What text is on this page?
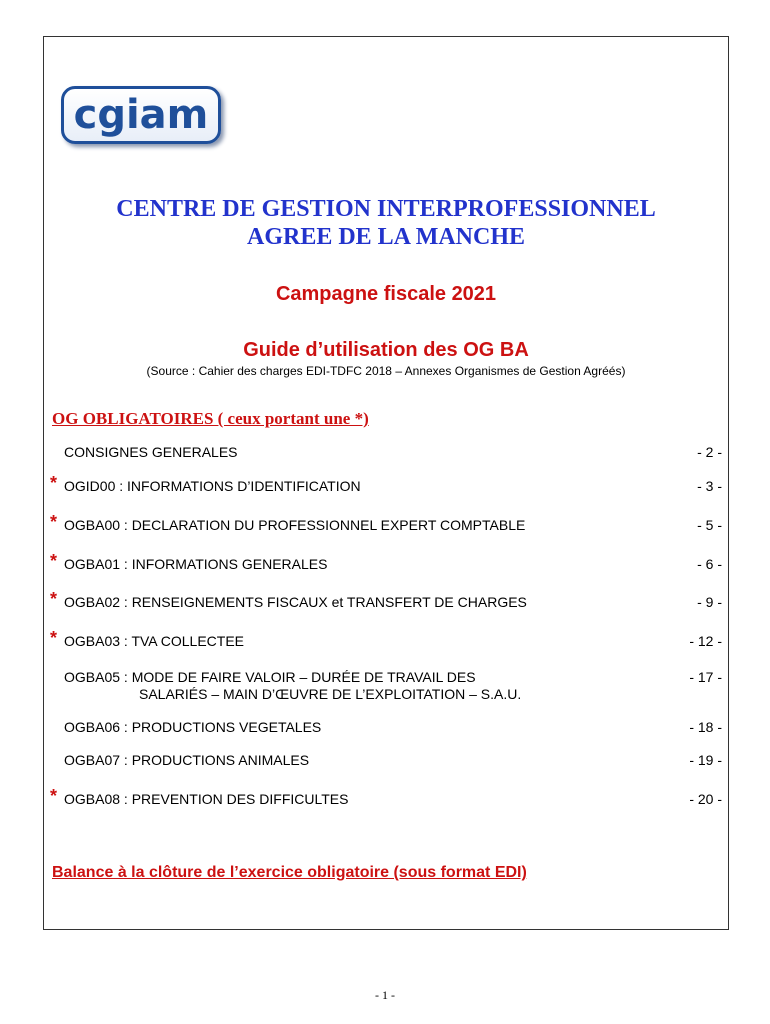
cgiam
CENTRE DE GESTION INTERPROFESSIONNEL
AGREE DE LA MANCHE
Campagne fiscale 2021
Guide d’utilisation des OG BA
(Source : Cahier des charges EDI-TDFC 2018 – Annexes Organismes de Gestion Agréés)
OG OBLIGATOIRES ( ceux portant une *)
CONSIGNES GENERALES	- 2 -
* OGID00 : INFORMATIONS D’IDENTIFICATION	- 3 -
* OGBA00 : DECLARATION DU PROFESSIONNEL EXPERT COMPTABLE	- 5 -
* OGBA01 : INFORMATIONS GENERALES	- 6 -
* OGBA02 : RENSEIGNEMENTS FISCAUX et TRANSFERT DE CHARGES	- 9 -
* OGBA03 : TVA COLLECTEE	- 12 -
OGBA05 : MODE DE FAIRE VALOIR – DURÉE DE TRAVAIL DES
SALARIÉS – MAIN D’ŒUVRE DE L’EXPLOITATION – S.A.U.
- 17 -
OGBA06 : PRODUCTIONS VEGETALES	- 18 -
OGBA07 : PRODUCTIONS ANIMALES	- 19 -
* OGBA08 : PREVENTION DES DIFFICULTES	- 20 -
Balance à la clôture de l’exercice obligatoire (sous format EDI)
- 1 -
